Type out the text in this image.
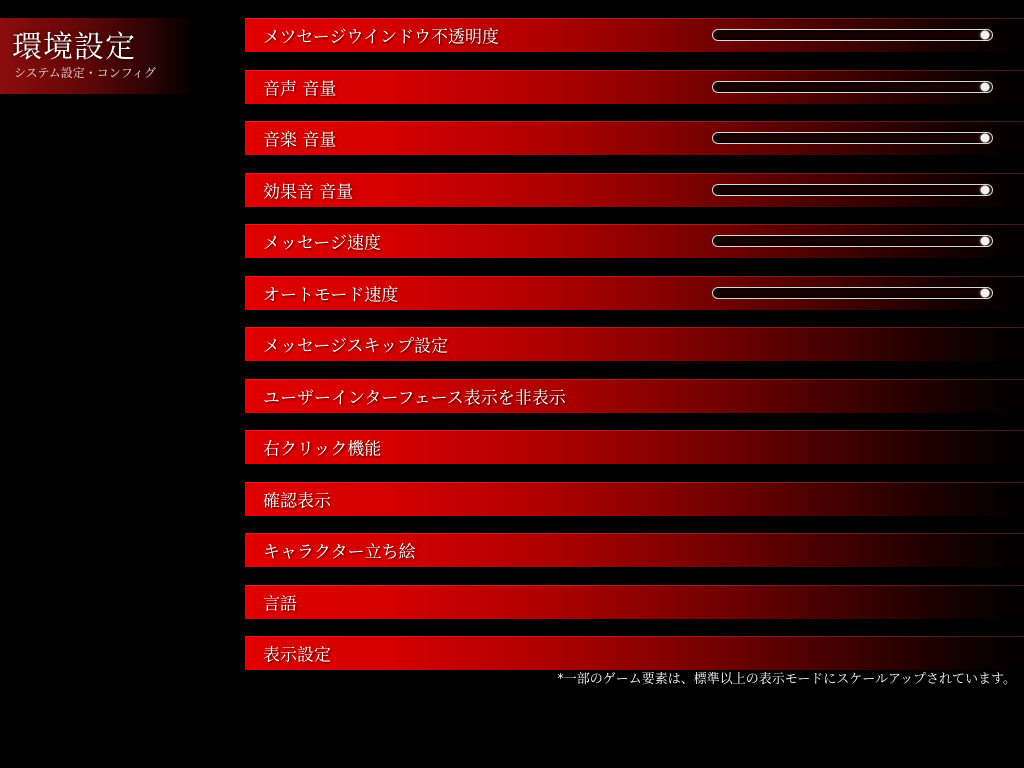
環境設定
システム設定・コンフィグ
メツセージウインドウ不透明度
音声 音量
音楽 音量
効果音 音量
メッセージ速度
オートモード速度
メッセージスキップ設定
ユーザーインターフェース表示を非表示
右クリック機能
確認表示
キャラクター立ち絵
言語
表示設定
*一部のゲーム要素は、標準以上の表示モードにスケールアップされています。
